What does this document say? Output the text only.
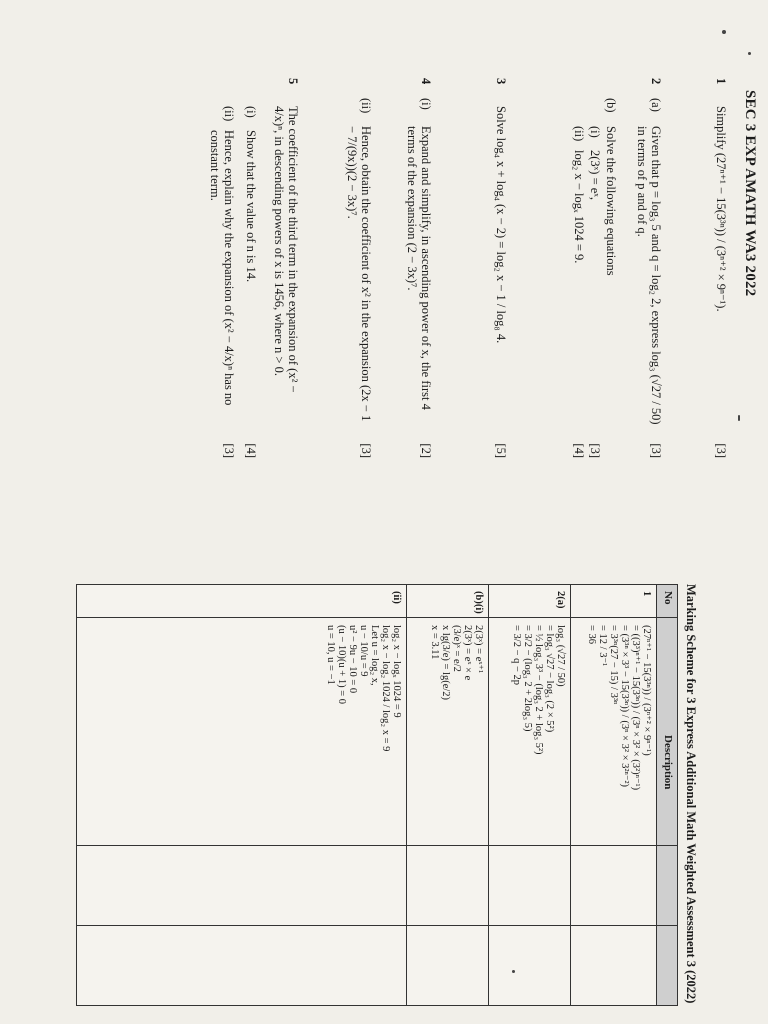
SEC 3 EXP AMATH WA3 2022
1
Simplify (27ⁿ⁺¹ − 15(3³ⁿ)) / (3ⁿ⁺² × 9ⁿ⁻¹).
[3]
2
(a)
Given that p = log₃ 5 and q = log₂ 2, express log₃ (√27 / 50) in terms of p and of q.
[3]
(b)
Solve the following equations
(i)
2(3ˣ) = eˣ,
[3]
(ii)
log₂ x − logₓ 1024 = 9.
[4]
3
Solve log₄ x + log₄ (x − 2) = log₂ x − 1 / log₈ 4.
[5]
4
(i)
Expand and simplify, in ascending power of x, the first 4 terms of the expansion (2 − 3x)⁷.
[2]
(ii)
Hence, obtain the coefficient of x² in the expansion (2x − 1 − 7/(9x))(2 − 3x)⁷.
[3]
5
The coefficient of the third term in the expansion of (x² − 4/x)ⁿ, in descending powers of x is 1456, where n > 0.
(i)
Show that the value of n is 14.
[4]
(ii)
Hence, explain why the expansion of (x² − 4/x)ⁿ has no constant term.
[3]
Marking Scheme for 3 Express Additional Math Weighted Assessment 3 (2022)
No
Description
1
(27ⁿ⁺¹ − 15(3³ⁿ)) / (3ⁿ⁺² × 9ⁿ⁻¹)
= ((3³)ⁿ⁺¹ − 15(3³ⁿ)) / (3ⁿ × 3² × (3²)ⁿ⁻¹)
= (3³ⁿ × 3³ − 15(3³ⁿ)) / (3ⁿ × 3² × 3²ⁿ⁻²)
= 3³ⁿ(27 − 15) / 3³ⁿ
= 12 / 3⁻¹
= 36
2(a)
log₃ (√27 / 50)
= log₃ √27 − log₃ (2 × 5²)
= ½ log₃ 3³ − (log₃ 2 + log₃ 5²)
= 3/2 − (log₃ 2 + 2log₃ 5)
= 3/2 − q − 2p
(b)(i)
2(3ˣ) = eˣ⁺¹
2(3ˣ) = eˣ × e
(3/e)ˣ = e/2
x lg(3/e) = lg(e/2)
x = 3.11
(ii)
log₂ x − logₓ 1024 = 9
log₂ x − log₂ 1024 / log₂ x = 9
Let u = log₂ x,
u − 10/u = 9
u² − 9u − 10 = 0
(u − 10)(u + 1) = 0
u = 10, u = −1
